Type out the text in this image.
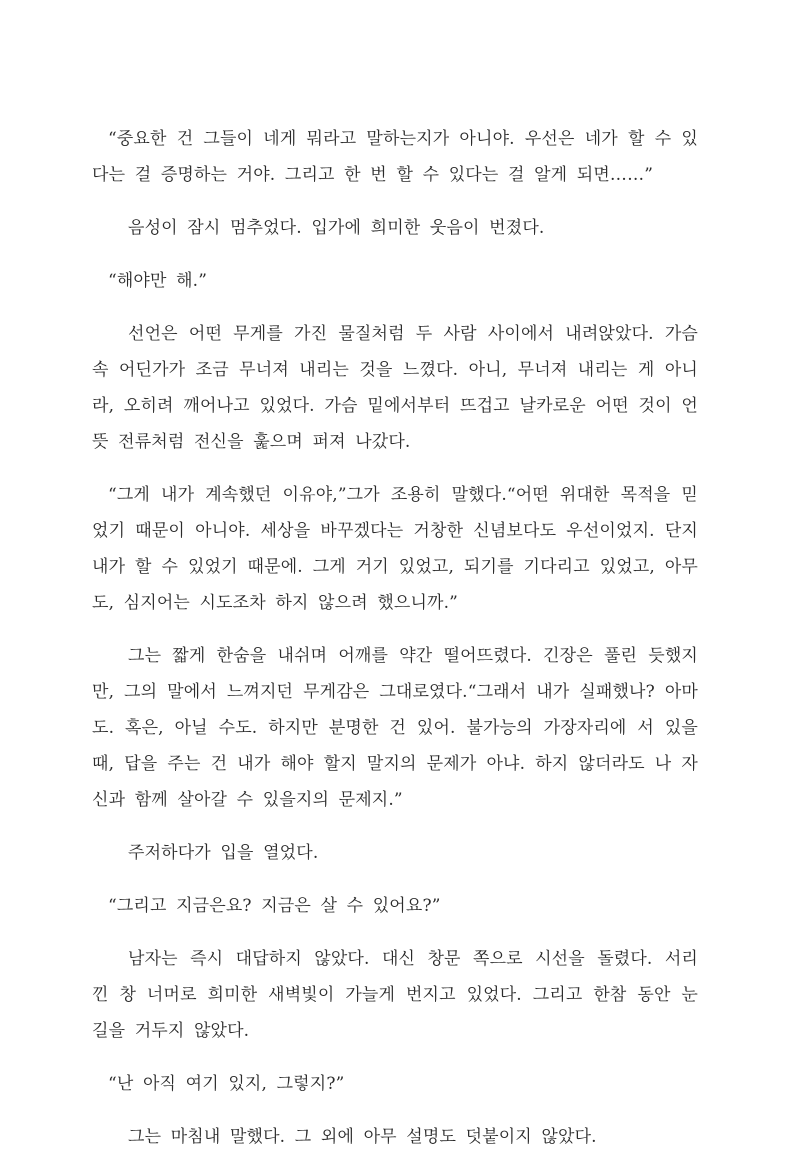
“중요한 건 그들이 네게 뭐라고 말하는지가 아니야. 우선은 네가 할 수 있다는 걸 증명하는 거야. 그리고 한 번 할 수 있다는 걸 알게 되면……”

음성이 잠시 멈추었다. 입가에 희미한 웃음이 번졌다.

“해야만 해.”

선언은 어떤 무게를 가진 물질처럼 두 사람 사이에서 내려앉았다. 가슴속 어딘가가 조금 무너져 내리는 것을 느꼈다. 아니, 무너져 내리는 게 아니라, 오히려 깨어나고 있었다. 가슴 밑에서부터 뜨겁고 날카로운 어떤 것이 언뜻 전류처럼 전신을 훑으며 퍼져 나갔다.

“그게 내가 계속했던 이유야,”그가 조용히 말했다.“어떤 위대한 목적을 믿었기 때문이 아니야. 세상을 바꾸겠다는 거창한 신념보다도 우선이었지. 단지 내가 할 수 있었기 때문에. 그게 거기 있었고, 되기를 기다리고 있었고, 아무도, 심지어는 시도조차 하지 않으려 했으니까.”

그는 짧게 한숨을 내쉬며 어깨를 약간 떨어뜨렸다. 긴장은 풀린 듯했지만, 그의 말에서 느껴지던 무게감은 그대로였다.“그래서 내가 실패했나? 아마도. 혹은, 아닐 수도. 하지만 분명한 건 있어. 불가능의 가장자리에 서 있을 때, 답을 주는 건 내가 해야 할지 말지의 문제가 아냐. 하지 않더라도 나 자신과 함께 살아갈 수 있을지의 문제지.”

주저하다가 입을 열었다.

“그리고 지금은요? 지금은 살 수 있어요?”

남자는 즉시 대답하지 않았다. 대신 창문 쪽으로 시선을 돌렸다. 서리 낀 창 너머로 희미한 새벽빛이 가늘게 번지고 있었다. 그리고 한참 동안 눈길을 거두지 않았다.

“난 아직 여기 있지, 그렇지?”

그는 마침내 말했다. 그 외에 아무 설명도 덧붙이지 않았다.
